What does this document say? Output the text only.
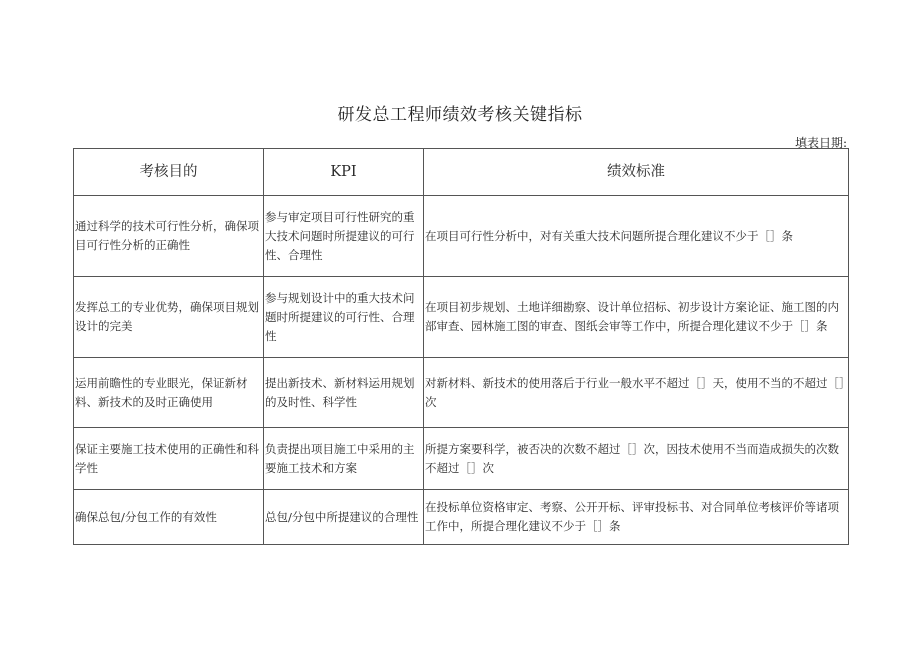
研发总工程师绩效考核关键指标
填表日期:
考核目的	KPI	绩效标准
通过科学的技术可行性分析，确保项目可行性分析的正确性	参与审定项目可行性研究的重大技术问题时所提建议的可行性、合理性	在项目可行性分析中，对有关重大技术问题所提合理化建议不少于［］条
发挥总工的专业优势，确保项目规划设计的完美	参与规划设计中的重大技术问题时所提建议的可行性、合理性	在项目初步规划、土地详细勘察、设计单位招标、初步设计方案论证、施工图的内部审查、园林施工图的审查、图纸会审等工作中，所提合理化建议不少于［］条
运用前瞻性的专业眼光，保证新材料、新技术的及时正确使用	提出新技术、新材料运用规划的及时性、科学性	对新材料、新技术的使用落后于行业一般水平不超过［］天，使用不当的不超过［］次
保证主要施工技术使用的正确性和科学性	负责提出项目施工中采用的主要施工技术和方案	所提方案要科学，被否决的次数不超过［］次，因技术使用不当而造成损失的次数不超过［］次
确保总包/分包工作的有效性	总包/分包中所提建议的合理性	在投标单位资格审定、考察、公开开标、评审投标书、对合同单位考核评价等诸项工作中，所提合理化建议不少于［］条
